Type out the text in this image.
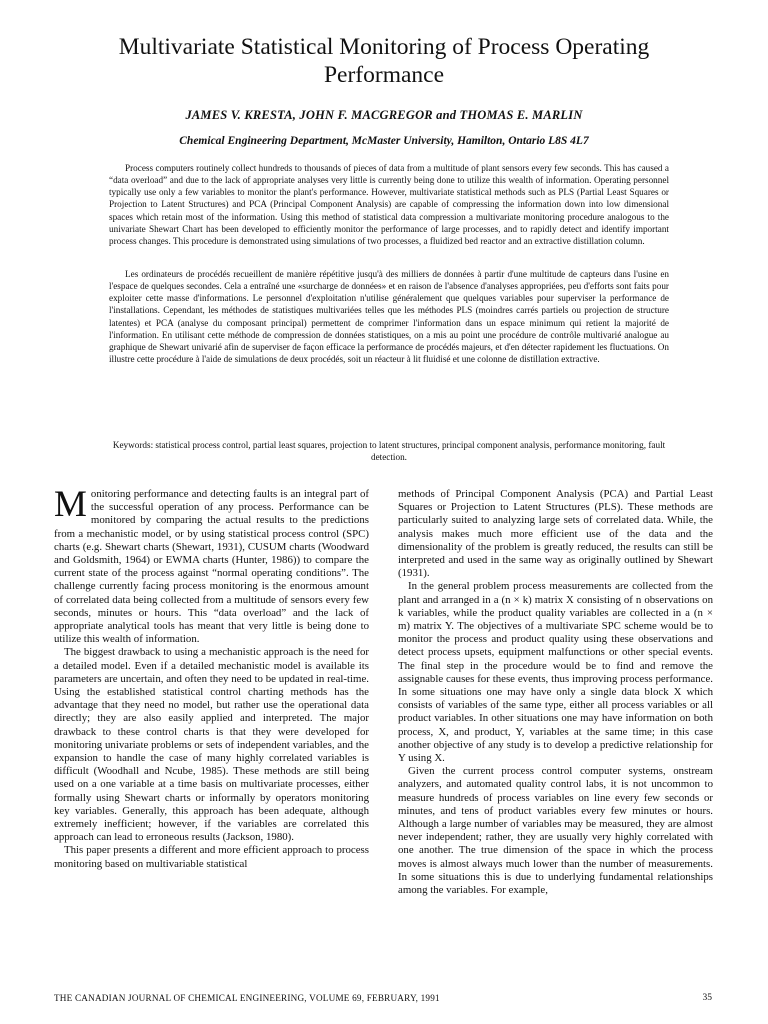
Multivariate Statistical Monitoring of Process Operating Performance
JAMES V. KRESTA, JOHN F. MACGREGOR and THOMAS E. MARLIN
Chemical Engineering Department, McMaster University, Hamilton, Ontario L8S 4L7

Process computers routinely collect hundreds to thousands of pieces of data from a multitude of plant sensors every few seconds. This has caused a “data overload” and due to the lack of appropriate analyses very little is currently being done to utilize this wealth of information. Operating personnel typically use only a few variables to monitor the plant's performance. However, multivariate statistical methods such as PLS (Partial Least Squares or Projection to Latent Structures) and PCA (Principal Component Analysis) are capable of compressing the information down into low dimensional spaces which retain most of the information. Using this method of statistical data compression a multivariate monitoring procedure analogous to the univariate Shewart Chart has been developed to efficiently monitor the performance of large processes, and to rapidly detect and identify important process changes. This procedure is demonstrated using simulations of two processes, a fluidized bed reactor and an extractive distillation column.

Les ordinateurs de procédés recueillent de manière répétitive jusqu'à des milliers de données à partir d'une multitude de capteurs dans l'usine en l'espace de quelques secondes. Cela a entraîné une «surcharge de données» et en raison de l'absence d'analyses appropriées, peu d'efforts sont faits pour exploiter cette masse d'informations. Le personnel d'exploitation n'utilise généralement que quelques variables pour superviser la performance de l'installations. Cependant, les méthodes de statistiques multivariées telles que les méthodes PLS (moindres carrés partiels ou projection de structure latentes) et PCA (analyse du composant principal) permettent de comprimer l'information dans un espace minimum qui retient la majorité de l'information. En utilisant cette méthode de compression de données statistiques, on a mis au point une procédure de contrôle multivarié analogue au graphique de Shewart univarié afin de superviser de façon efficace la performance de procédés majeurs, et d'en détecter rapidement les fluctuations. On illustre cette procédure à l'aide de simulations de deux procédés, soit un réacteur à lit fluidisé et une colonne de distillation extractive.

Keywords: statistical process control, partial least squares, projection to latent structures, principal component analysis, performance monitoring, fault detection.

Monitoring performance and detecting faults is an integral part of the successful operation of any process. Performance can be monitored by comparing the actual results to the predictions from a mechanistic model, or by using statistical process control (SPC) charts (e.g. Shewart charts (Shewart, 1931), CUSUM charts (Woodward and Goldsmith, 1964) or EWMA charts (Hunter, 1986)) to compare the current state of the process against “normal operating conditions”. The challenge currently facing process monitoring is the enormous amount of correlated data being collected from a multitude of sensors every few seconds, minutes or hours. This “data overload” and the lack of appropriate analytical tools has meant that very little is being done to utilize this wealth of information.

The biggest drawback to using a mechanistic approach is the need for a detailed model. Even if a detailed mechanistic model is available its parameters are uncertain, and often they need to be updated in real-time. Using the established statistical control charting methods has the advantage that they need no model, but rather use the operational data directly; they are also easily applied and interpreted. The major drawback to these control charts is that they were developed for monitoring univariate problems or sets of independent variables, and the expansion to handle the case of many highly correlated variables is difficult (Woodhall and Ncube, 1985). These methods are still being used on a one variable at a time basis on multivariate processes, either formally using Shewart charts or informally by operators monitoring key variables. Generally, this approach has been adequate, although extremely inefficient; however, if the variables are correlated this approach can lead to erroneous results (Jackson, 1980).

This paper presents a different and more efficient approach to process monitoring based on multivariable statistical

methods of Principal Component Analysis (PCA) and Partial Least Squares or Projection to Latent Structures (PLS). These methods are particularly suited to analyzing large sets of correlated data. While, the analysis makes much more efficient use of the data and the dimensionality of the problem is greatly reduced, the results can still be interpreted and used in the same way as originally outlined by Shewart (1931).

In the general problem process measurements are collected from the plant and arranged in a (n × k) matrix X consisting of n observations on k variables, while the product quality variables are collected in a (n × m) matrix Y. The objectives of a multivariate SPC scheme would be to monitor the process and product quality using these observations and detect process upsets, equipment malfunctions or other special events. The final step in the procedure would be to find and remove the assignable causes for these events, thus improving process performance. In some situations one may have only a single data block X which consists of variables of the same type, either all process variables or all product variables. In other situations one may have information on both process, X, and product, Y, variables at the same time; in this case another objective of any study is to develop a predictive relationship for Y using X.

Given the current process control computer systems, onstream analyzers, and automated quality control labs, it is not uncommon to measure hundreds of process variables on line every few seconds or minutes, and tens of product variables every few minutes or hours. Although a large number of variables may be measured, they are almost never independent; rather, they are usually very highly correlated with one another. The true dimension of the space in which the process moves is almost always much lower than the number of measurements. In some situations this is due to underlying fundamental relationships among the variables. For example,

THE CANADIAN JOURNAL OF CHEMICAL ENGINEERING, VOLUME 69, FEBRUARY, 1991	35
